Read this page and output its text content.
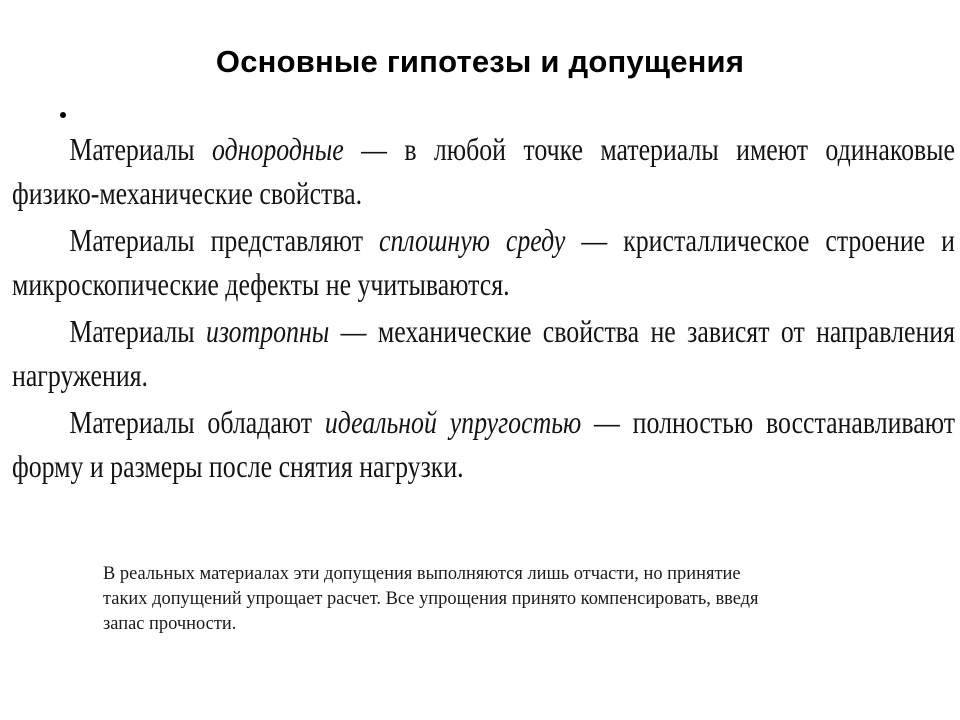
Основные гипотезы и допущения

Материалы однородные — в любой точке материалы имеют одинаковые физико-механические свойства.

Материалы представляют сплошную среду — кристаллическое строение и микроскопические дефекты не учитываются.

Материалы изотропны — механические свойства не зависят от направления нагружения.

Материалы обладают идеальной упругостью — полностью восстанавливают форму и размеры после снятия нагрузки.

В реальных материалах эти допущения выполняются лишь отчасти, но принятие таких допущений упрощает расчет. Все упрощения принято компенсировать, введя запас прочности.
